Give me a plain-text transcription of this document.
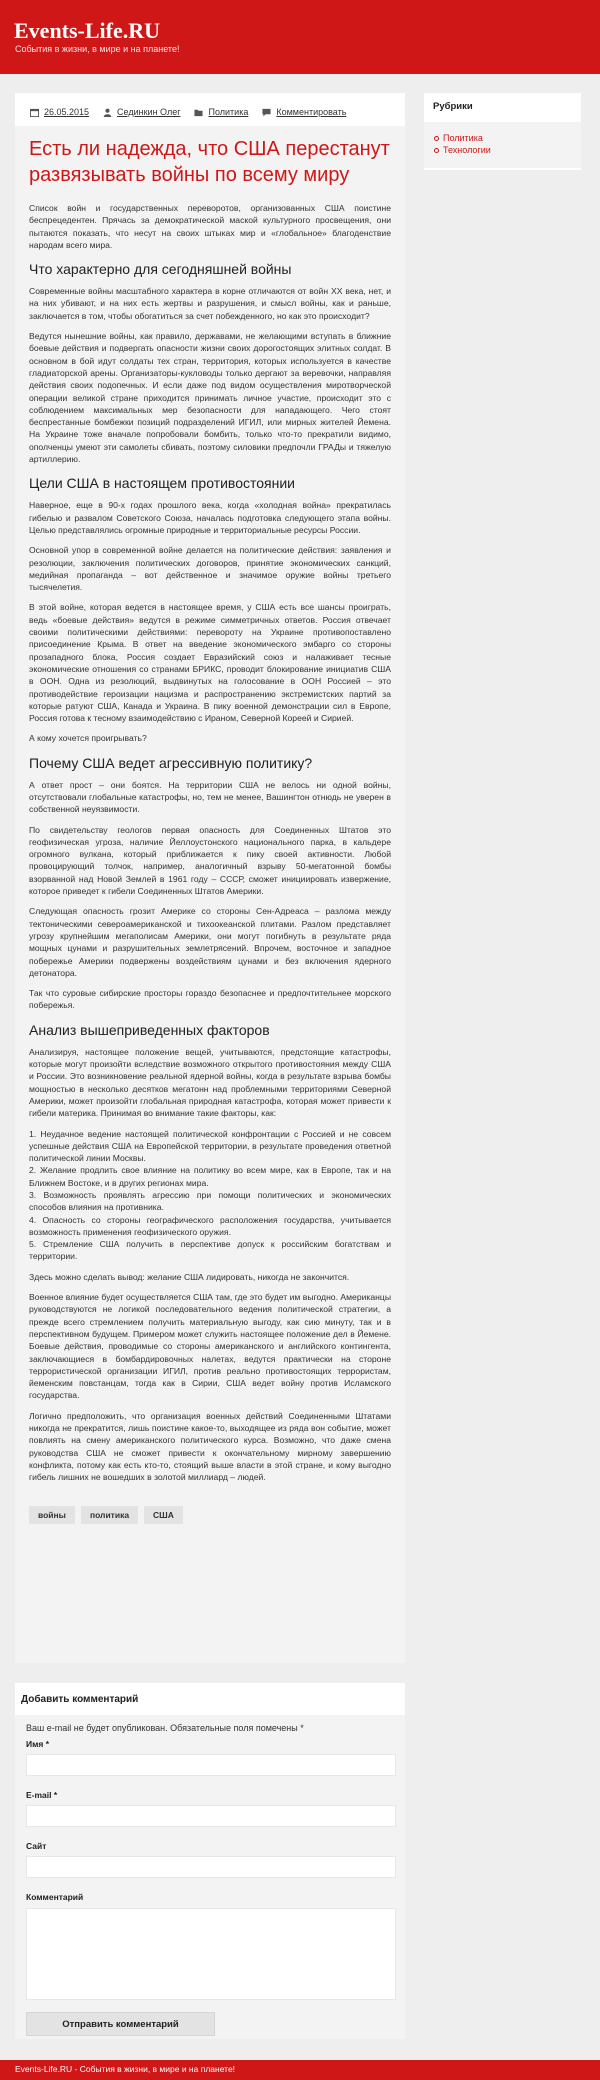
Events-Life.RU
События в жизни, в мире и на планете!
26.05.2015	Сединкин Олег	Политика	Комментировать
Есть ли надежда, что США перестанут развязывать войны по всему миру

Список войн и государственных переворотов, организованных США поистине беспрецедентен. Прячась за демократической маской культурного просвещения, они пытаются показать, что несут на своих штыках мир и «глобальное» благоденствие народам всего мира.

Что характерно для сегодняшней войны

Современные войны масштабного характера в корне отличаются от войн XX века, нет, и на них убивают, и на них есть жертвы и разрушения, и смысл войны, как и раньше, заключается в том, чтобы обогатиться за счет побежденного, но как это происходит?

Ведутся нынешние войны, как правило, державами, не желающими вступать в ближние боевые действия и подвергать опасности жизни своих дорогостоящих элитных солдат. В основном в бой идут солдаты тех стран, территория, которых используется в качестве гладиаторской арены. Организаторы-кукловоды только дергают за веревочки, направляя действия своих подопечных. И если даже под видом осуществления миротворческой операции великой стране приходится принимать личное участие, происходит это с соблюдением максимальных мер безопасности для нападающего. Чего стоят беспрестанные бомбежки позиций подразделений ИГИЛ, или мирных жителей Йемена. На Украине тоже вначале попробовали бомбить, только что-то прекратили видимо, ополченцы умеют эти самолеты сбивать, поэтому силовики предпочли ГРАДы и тяжелую артиллерию.

Цели США в настоящем противостоянии

Наверное, еще в 90-х годах прошлого века, когда «холодная война» прекратилась гибелью и развалом Советского Союза, началась подготовка следующего этапа войны. Целью представлялись огромные природные и территориальные ресурсы России.

Основной упор в современной войне делается на политические действия: заявления и резолюции, заключения политических договоров, принятие экономических санкций, медийная пропаганда – вот действенное и значимое оружие войны третьего тысячелетия.

В этой войне, которая ведется в настоящее время, у США есть все шансы проиграть, ведь «боевые действия» ведутся в режиме симметричных ответов. Россия отвечает своими политическими действиями: перевороту на Украине противопоставлено присоединение Крыма. В ответ на введение экономического эмбарго со стороны прозападного блока, Россия создает Евразийский союз и налаживает тесные экономические отношения со странами БРИКС, проводит блокирование инициатив США в ООН. Одна из резолюций, выдвинутых на голосование в ООН Россией – это противодействие героизации нацизма и распространению экстремистских партий за которые ратуют США, Канада и Украина. В пику военной демонстрации сил в Европе, Россия готова к тесному взаимодействию с Ираном, Северной Кореей и Сирией.

А кому хочется проигрывать?

Почему США ведет агрессивную политику?

А ответ прост – они боятся. На территории США не велось ни одной войны, отсутствовали глобальные катастрофы, но, тем не менее, Вашингтон отнюдь не уверен в собственной неуязвимости.

По свидетельству геологов первая опасность для Соединенных Штатов это геофизическая угроза, наличие Йеллоустонского национального парка, в кальдере огромного вулкана, который приближается к пику своей активности. Любой провоцирующий толчок, например, аналогичный взрыву 50-мегатонной бомбы взорванной над Новой Землей в 1961 году – СССР, сможет инициировать извержение, которое приведет к гибели Соединенных Штатов Америки.

Следующая опасность грозит Америке со стороны Сен-Адреаса – разлома между тектоническими североамериканской и тихоокеанской плитами. Разлом представляет угрозу крупнейшим мегаполисам Америки, они могут погибнуть в результате ряда мощных цунами и разрушительных землетрясений. Впрочем, восточное и западное побережье Америки подвержены воздействиям цунами и без включения ядерного детонатора.

Так что суровые сибирские просторы гораздо безопаснее и предпочтительнее морского побережья.

Анализ вышеприведенных факторов

Анализируя, настоящее положение вещей, учитываются, предстоящие катастрофы, которые могут произойти вследствие возможного открытого противостояния между США и России. Это возникновение реальной ядерной войны, когда в результате взрыва бомбы мощностью в несколько десятков мегатонн над проблемными территориями Северной Америки, может произойти глобальная природная катастрофа, которая может привести к гибели материка. Принимая во внимание такие факторы, как:

1. Неудачное ведение настоящей политической конфронтации с Россией и не совсем успешные действия США на Европейской территории, в результате проведения ответной политической линии Москвы.
2. Желание продлить свое влияние на политику во всем мире, как в Европе, так и на Ближнем Востоке, и в других регионах мира.
3. Возможность проявлять агрессию при помощи политических и экономических способов влияния на противника.
4. Опасность со стороны географического расположения государства, учитывается возможность применения геофизического оружия.
5. Стремление США получить в перспективе допуск к российским богатствам и территории.

Здесь можно сделать вывод: желание США лидировать, никогда не закончится.

Военное влияние будет осуществляется США там, где это будет им выгодно. Американцы руководствуются не логикой последовательного ведения политической стратегии, а прежде всего стремлением получить материальную выгоду, как сию минуту, так и в перспективном будущем. Примером может служить настоящее положение дел в Йемене. Боевые действия, проводимые со стороны американского и английского контингента, заключающиеся в бомбардировочных налетах, ведутся практически на стороне террористической организации ИГИЛ, против реально противостоящих террористам, йеменским повстанцам, тогда как в Сирии, США ведет войну против Исламского государства.

Логично предположить, что организация военных действий Соединенными Штатами никогда не прекратится, лишь поистине какое-то, выходящее из ряда вон событие, может повлиять на смену американского политического курса. Возможно, что даже смена руководства США не сможет привести к окончательному мирному завершению конфликта, потому как есть кто-то, стоящий выше власти в этой стране, и кому выгодно гибель лишних не вошедших в золотой миллиард – людей.

войны	политика	США
Рубрики
Политика
Технологии
Добавить комментарий
Ваш e-mail не будет опубликован. Обязательные поля помечены *
Имя *
E-mail *
Сайт
Комментарий
Отправить комментарий
Events-Life.RU - События в жизни, в мире и на планете!
